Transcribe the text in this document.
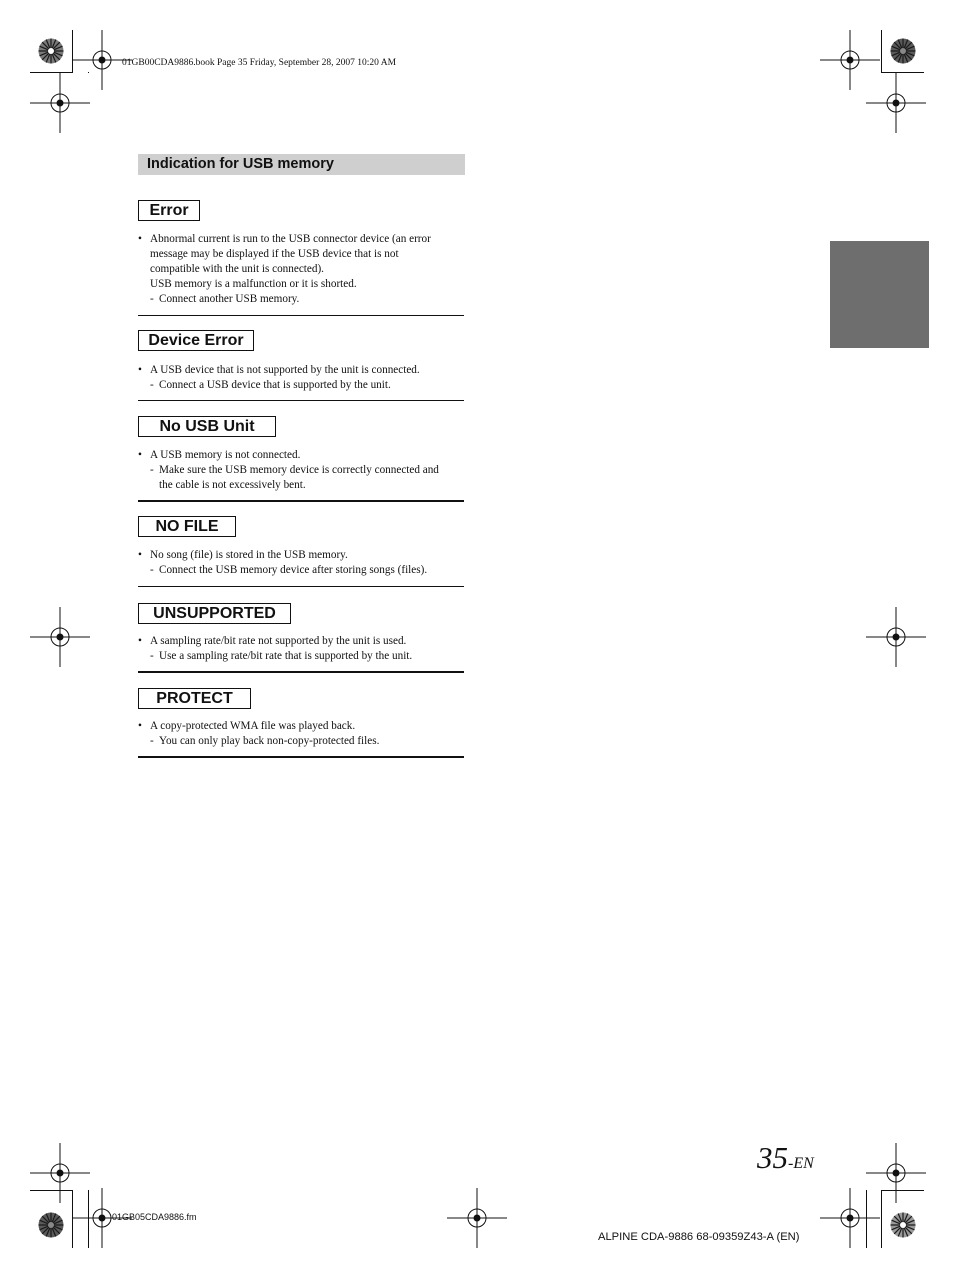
01GB00CDA9886.book Page 35 Friday, September 28, 2007 10:20 AM
Indication for USB memory
Error
• Abnormal current is run to the USB connector device (an error
message may be displayed if the USB device that is not
compatible with the unit is connected).
USB memory is a malfunction or it is shorted.
- Connect another USB memory.
Device Error
• A USB device that is not supported by the unit is connected.
- Connect a USB device that is supported by the unit.
No USB Unit
• A USB memory is not connected.
- Make sure the USB memory device is correctly connected and
the cable is not excessively bent.
NO FILE
• No song (file) is stored in the USB memory.
- Connect the USB memory device after storing songs (files).
UNSUPPORTED
• A sampling rate/bit rate not supported by the unit is used.
- Use a sampling rate/bit rate that is supported by the unit.
PROTECT
• A copy-protected WMA file was played back.
- You can only play back non-copy-protected files.
35-EN
01GB05CDA9886.fm
ALPINE CDA-9886 68-09359Z43-A (EN)
